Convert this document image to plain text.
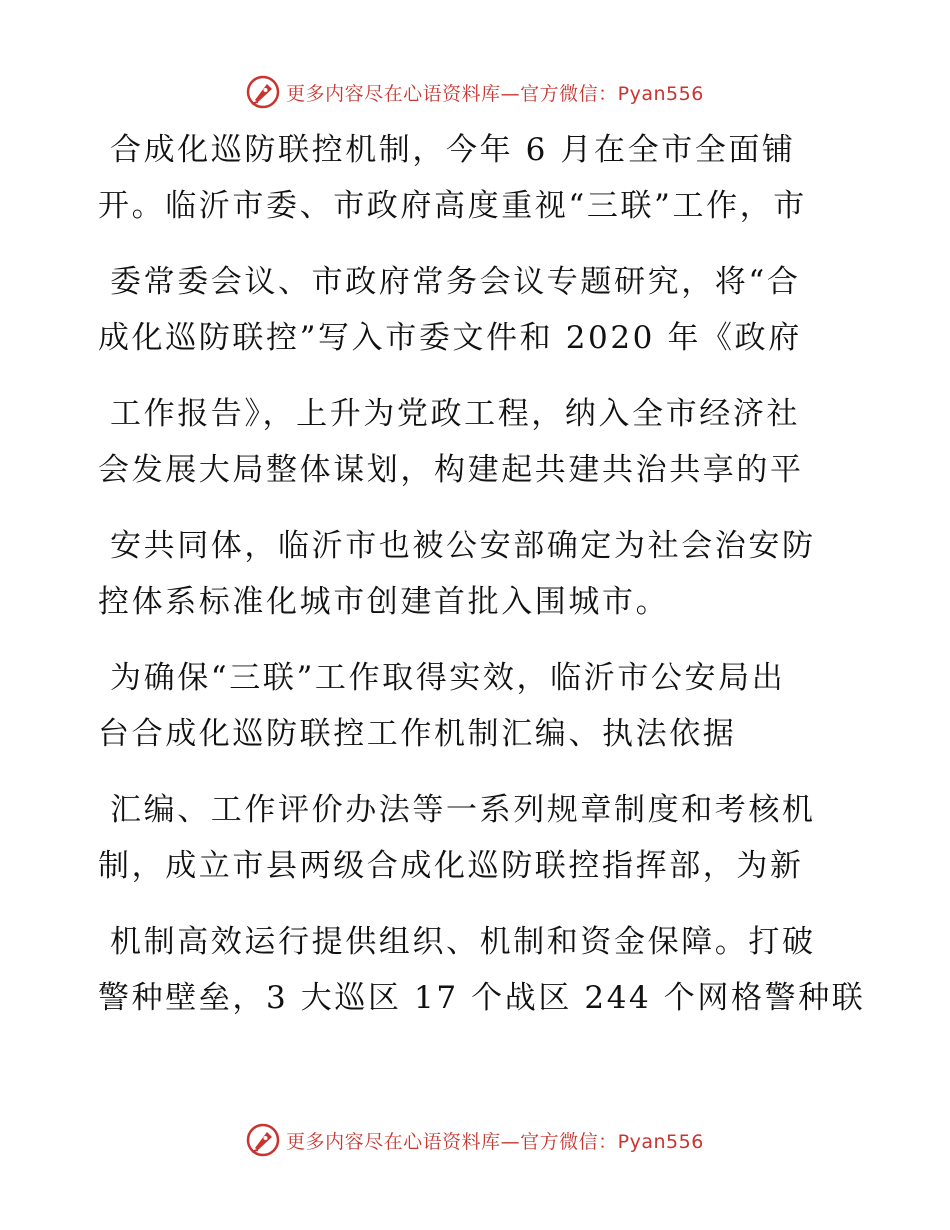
更多内容尽在心语资料库—官方微信：Pyan556
合成化巡防联控机制，今年 6 月在全市全面铺
开。临沂市委、市政府高度重视“三联”工作，市
委常委会议、市政府常务会议专题研究，将“合
成化巡防联控”写入市委文件和 2020 年《政府
工作报告》，上升为党政工程，纳入全市经济社
会发展大局整体谋划，构建起共建共治共享的平
安共同体，临沂市也被公安部确定为社会治安防
控体系标准化城市创建首批入围城市。
为确保“三联”工作取得实效，临沂市公安局出
台合成化巡防联控工作机制汇编、执法依据
汇编、工作评价办法等一系列规章制度和考核机
制，成立市县两级合成化巡防联控指挥部，为新
机制高效运行提供组织、机制和资金保障。打破
警种壁垒，3 大巡区 17 个战区 244 个网格警种联
更多内容尽在心语资料库—官方微信：Pyan556
